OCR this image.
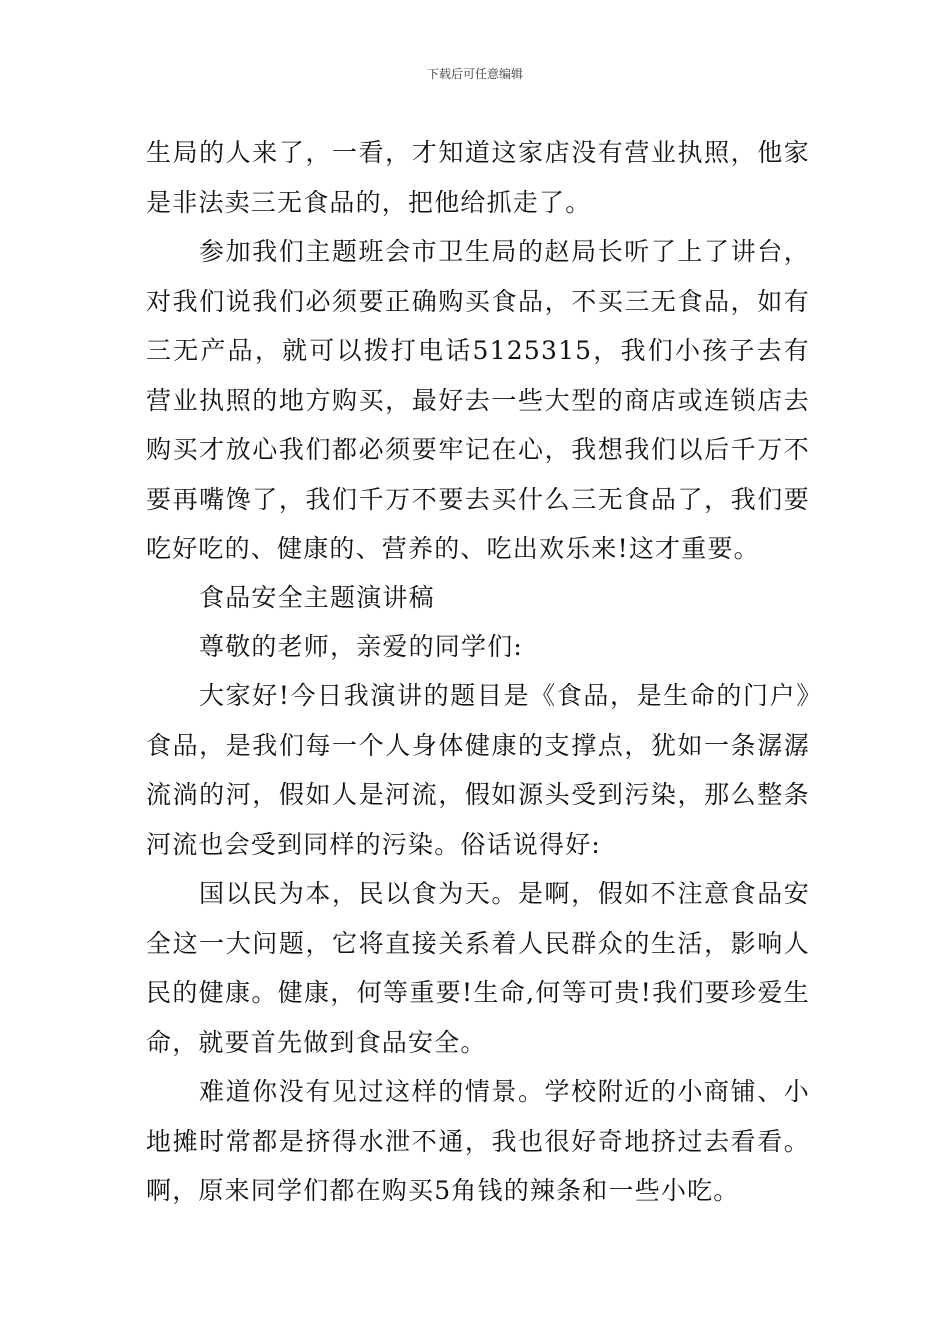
下载后可任意编辑

生局的人来了，一看，才知道这家店没有营业执照，他家是非法卖三无食品的，把他给抓走了。

参加我们主题班会市卫生局的赵局长听了上了讲台，对我们说我们必须要正确购买食品，不买三无食品，如有三无产品，就可以拨打电话5125315，我们小孩子去有营业执照的地方购买，最好去一些大型的商店或连锁店去购买才放心我们都必须要牢记在心，我想我们以后千万不要再嘴馋了，我们千万不要去买什么三无食品了，我们要吃好吃的、健康的、营养的、吃出欢乐来!这才重要。

食品安全主题演讲稿

尊敬的老师，亲爱的同学们:

大家好!今日我演讲的题目是《食品，是生命的门户》食品，是我们每一个人身体健康的支撑点，犹如一条潺潺流淌的河，假如人是河流，假如源头受到污染，那么整条河流也会受到同样的污染。俗话说得好:

国以民为本，民以食为天。是啊，假如不注意食品安全这一大问题，它将直接关系着人民群众的生活，影响人民的健康。健康，何等重要!生命,何等可贵!我们要珍爱生命，就要首先做到食品安全。

难道你没有见过这样的情景。学校附近的小商铺、小地摊时常都是挤得水泄不通，我也很好奇地挤过去看看。啊，原来同学们都在购买5角钱的辣条和一些小吃。
